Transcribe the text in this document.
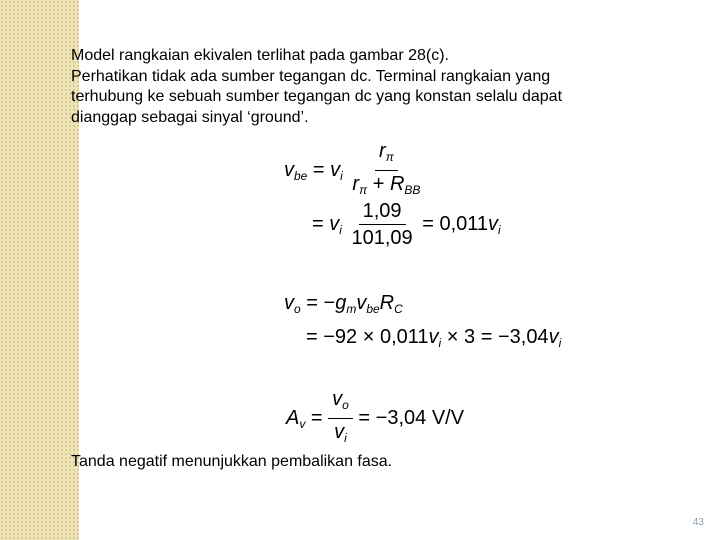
Model rangkaian ekivalen terlihat pada gambar 28(c).
Perhatikan tidak ada sumber tegangan dc. Terminal rangkaian yang
terhubung ke sebuah sumber tegangan dc yang konstan selalu dapat
dianggap sebagai sinyal ‘ground’.
$v_{be} = v_i \frac{r_\pi}{r_\pi + R_{BB}}$
= $v_i \frac{1,09}{101,09} = 0,011v_i$
$v_o = -g_mv_{be}R_C$
= $-92 \times 0,011v_i \times 3 = -3,04v_i$
$A_v = \frac{v_o}{v_i} = -3,04$ V/V
Tanda negatif menunjukkan pembalikan fasa.
43
